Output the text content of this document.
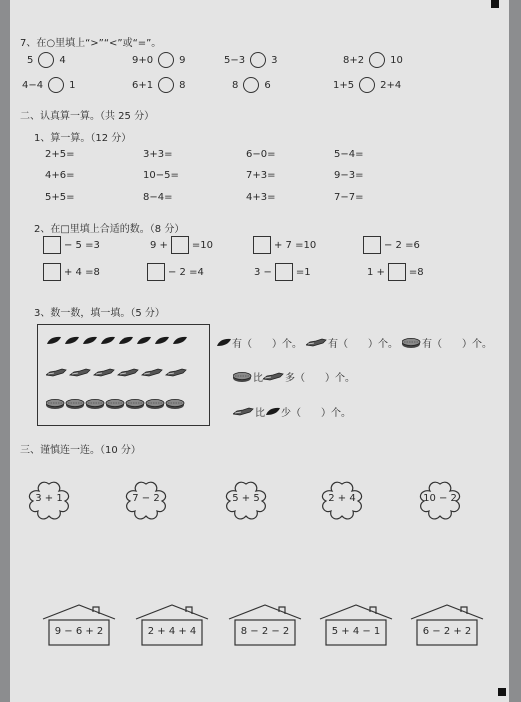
7、在○里填上“>”“<”或“=”。
5	4	9+0	9	5−3	3	8+2	10
4−4	1	6+1	8	8	6	1+5	2+4
二、认真算一算。（共 25 分）
1、算一算。（12 分）
2+5=	3+3=	6−0=	5−4=
4+6=	10−5=	7+3=	9−3=
5+5=	8−4=	4+3=	7−7=
2、在□里填上合适的数。（8 分）
− 5 =3	9 + =10	+ 7 =10	− 2 =6
+ 4 =8	− 2 =4	3 − =1	1 + =8
3、数一数，填一填。（5 分）
有（　　）个。	有（　　）个。 有（　　）个。
比 多（　　）个。
比 少（　　）个。
三、谨慎连一连。（10 分）
3 + 1	7 − 2	5 + 5	2 + 4	10 − 2
9 − 6 + 2	2 + 4 + 4	8 − 2 − 2	5 + 4 − 1	6 − 2 + 2
